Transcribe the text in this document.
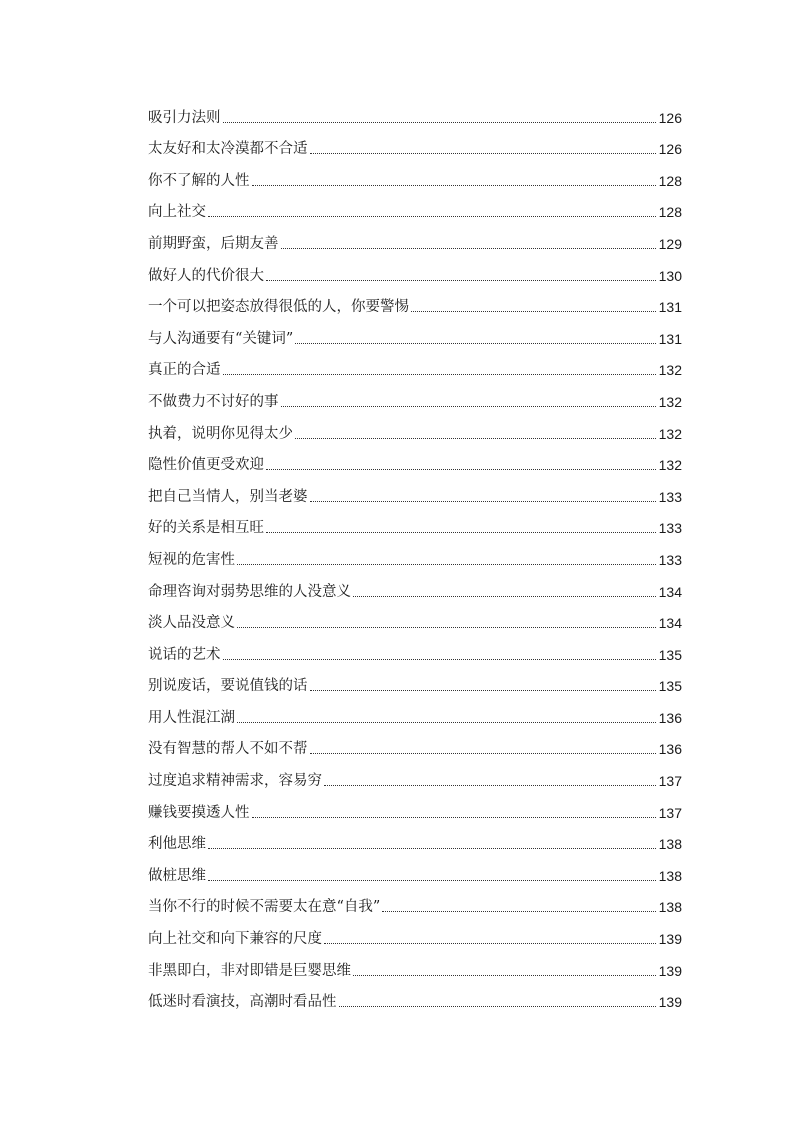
吸引力法则	126
太友好和太冷漠都不合适	126
你不了解的人性	128
向上社交	128
前期野蛮，后期友善	129
做好人的代价很大	130
一个可以把姿态放得很低的人，你要警惕	131
与人沟通要有“关键词”	131
真正的合适	132
不做费力不讨好的事	132
执着，说明你见得太少	132
隐性价值更受欢迎	132
把自己当情人，别当老婆	133
好的关系是相互旺	133
短视的危害性	133
命理咨询对弱势思维的人没意义	134
淡人品没意义	134
说话的艺术	135
别说废话，要说值钱的话	135
用人性混江湖	136
没有智慧的帮人不如不帮	136
过度追求精神需求，容易穷	137
赚钱要摸透人性	137
利他思维	138
做桩思维	138
当你不行的时候不需要太在意“自我”	138
向上社交和向下兼容的尺度	139
非黑即白，非对即错是巨婴思维	139
低迷时看演技，高潮时看品性	139
